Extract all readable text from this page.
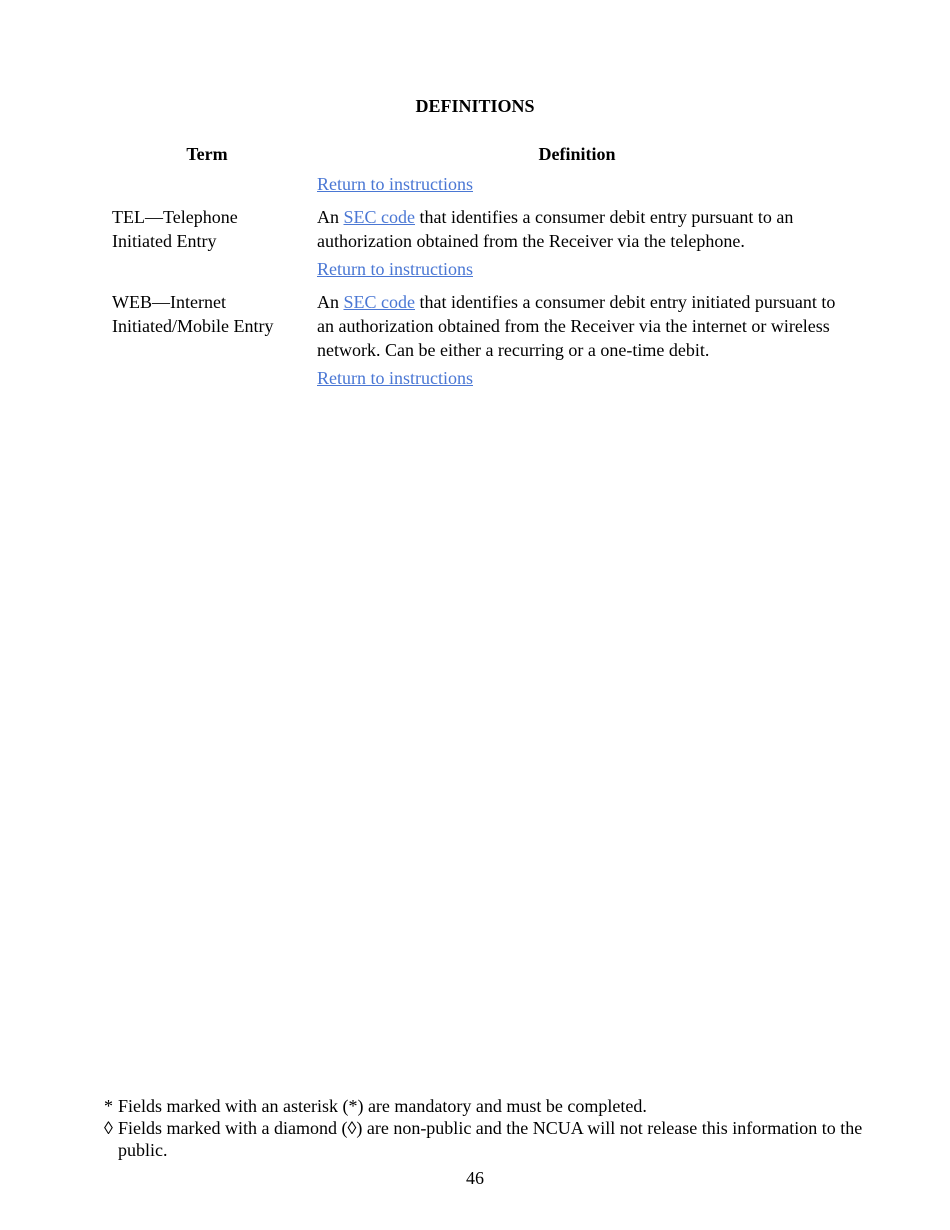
DEFINITIONS
Term	Definition
Return to instructions
TEL—Telephone
Initiated Entry
An SEC code that identifies a consumer debit entry pursuant to an authorization obtained from the Receiver via the telephone.
Return to instructions
WEB—Internet
Initiated/Mobile Entry
An SEC code that identifies a consumer debit entry initiated pursuant to an authorization obtained from the Receiver via the internet or wireless network. Can be either a recurring or a one-time debit.
Return to instructions
* Fields marked with an asterisk (*) are mandatory and must be completed.
◊ Fields marked with a diamond (◊) are non-public and the NCUA will not release this information to the public.
46
